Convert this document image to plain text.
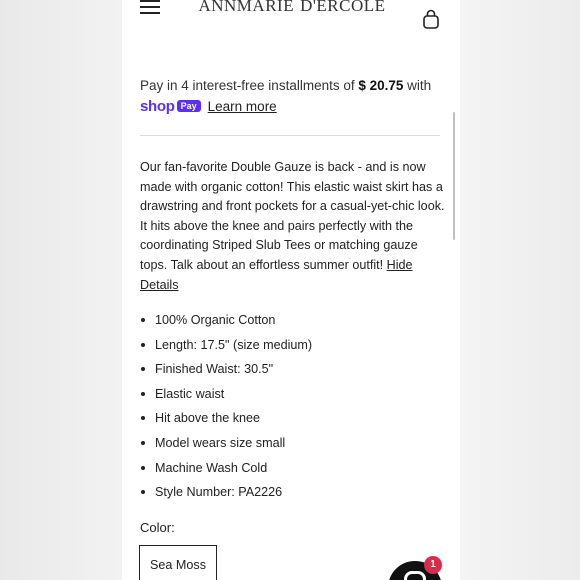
ANNMARIE D'ERCOLE
Pay in 4 interest-free installments of $ 20.75 with
shop Pay Learn more

Our fan-favorite Double Gauze is back - and is now made with organic cotton! This elastic waist skirt has a drawstring and front pockets for a casual-yet-chic look. It hits above the knee and pairs perfectly with the coordinating Striped Slub Tees or matching gauze tops. Talk about an effortless summer outfit! Hide Details

100% Organic Cotton
Length: 17.5" (size medium)
Finished Waist: 30.5"
Elastic waist
Hit above the knee
Model wears size small
Machine Wash Cold
Style Number: PA2226
Color:
Sea Moss	1
